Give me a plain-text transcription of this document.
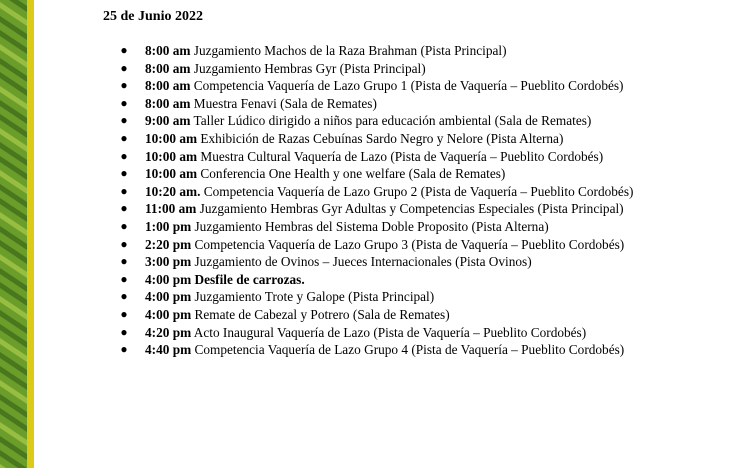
25 de Junio 2022

● 8:00 am Juzgamiento Machos de la Raza Brahman (Pista Principal)
● 8:00 am Juzgamiento Hembras Gyr (Pista Principal)
● 8:00 am Competencia Vaquería de Lazo Grupo 1 (Pista de Vaquería – Pueblito Cordobés)
● 8:00 am Muestra Fenavi (Sala de Remates)
● 9:00 am Taller Lúdico dirigido a niños para educación ambiental (Sala de Remates)
● 10:00 am Exhibición de Razas Cebuínas Sardo Negro y Nelore (Pista Alterna)
● 10:00 am Muestra Cultural Vaquería de Lazo (Pista de Vaquería – Pueblito Cordobés)
● 10:00 am Conferencia One Health y one welfare (Sala de Remates)
● 10:20 am. Competencia Vaquería de Lazo Grupo 2 (Pista de Vaquería – Pueblito Cordobés)
● 11:00 am Juzgamiento Hembras Gyr Adultas y Competencias Especiales (Pista Principal)
● 1:00 pm Juzgamiento Hembras del Sistema Doble Proposito (Pista Alterna)
● 2:20 pm Competencia Vaquería de Lazo Grupo 3 (Pista de Vaquería – Pueblito Cordobés)
● 3:00 pm Juzgamiento de Ovinos – Jueces Internacionales (Pista Ovinos)
● 4:00 pm Desfile de carrozas.
● 4:00 pm Juzgamiento Trote y Galope (Pista Principal)
● 4:00 pm Remate de Cabezal y Potrero (Sala de Remates)
● 4:20 pm Acto Inaugural Vaquería de Lazo (Pista de Vaquería – Pueblito Cordobés)
● 4:40 pm Competencia Vaquería de Lazo Grupo 4 (Pista de Vaquería – Pueblito Cordobés)
